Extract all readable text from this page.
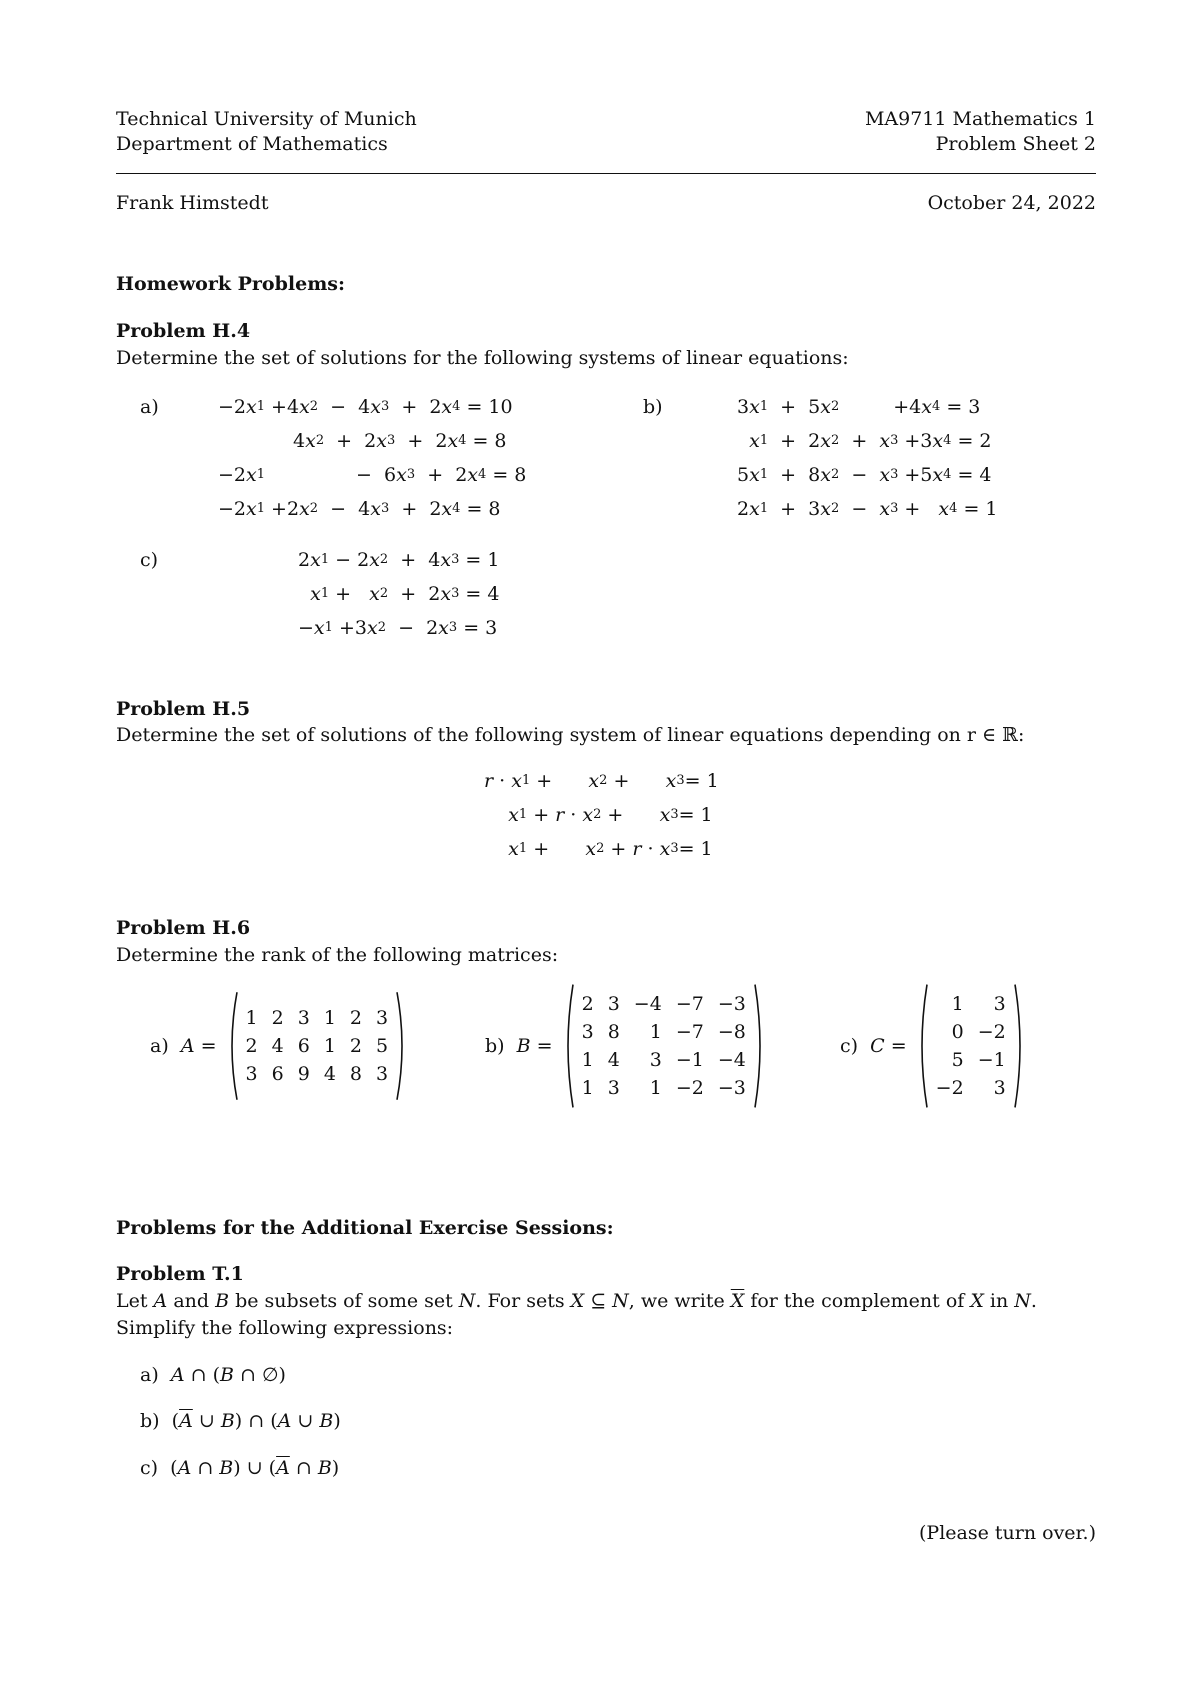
Technical University of Munich
Department of Mathematics
MA9711 Mathematics 1
Problem Sheet 2
Frank Himstedt	October 24, 2022
Homework Problems:
Problem H.4
Determine the set of solutions for the following systems of linear equations:
a)	−2 x 1 +4 x 2 −  4 x 3 +  2 x 4 = 10
4 x 2 +  2 x 3 +  2 x 4 = 8
−2 x 1	−  6 x 3 +  2 x 4 = 8
−2 x 1 +2 x 2 −  4 x 3 +  2 x 4 = 8
b)	3 x 1 +  5 x 2	+4 x 4 = 3

x 1 +  2 x 2 + x 3 +3 x 4 = 2
5 x 1 +  8 x 2 − x 3 +5 x 4 = 4
2 x 1 +  3 x 2 − x 3 + x 4 = 1
c)	2 x 1 − 2 x 2 +  4 x 3 = 1

x 1 + x 2 +  2 x 3 = 4
− x 1 +3 x 2 −  2 x 3 = 3
Problem H.5
Determine the set of solutions of the following system of linear equations depending on r ∈ ℝ:
r · x 1 + x 2 + x 3 = 1

x 1 + r · x 2 + x 3 = 1

x 1 + x 2 + r · x 3 = 1
Problem H.6
Determine the rank of the following matrices:
a) A =
1 2 3 1 2 3
2 4 6 1 2 5
3 6 9 4 8 3
b) B =
2 3 −4 −7 −3
3 8	1 −7 −8
1 4	3 −1 −4
1 3	1 −2 −3
c) C =
1	3
0 −2
5 −1
−2	3
Problems for the Additional Exercise Sessions:
Problem T.1
Let A and B be subsets of some set N. For sets X ⊆ N, we write $\overline{X}$ for the complement of X in N.
Simplify the following expressions:
a) A ∩ (B ∩ ∅)
b)  ($\overline{A}$ ∪ B) ∩ (A ∪ B)
c)  (A ∩ B) ∪ ($\overline{A}$ ∩ B)
(Please turn over.)
